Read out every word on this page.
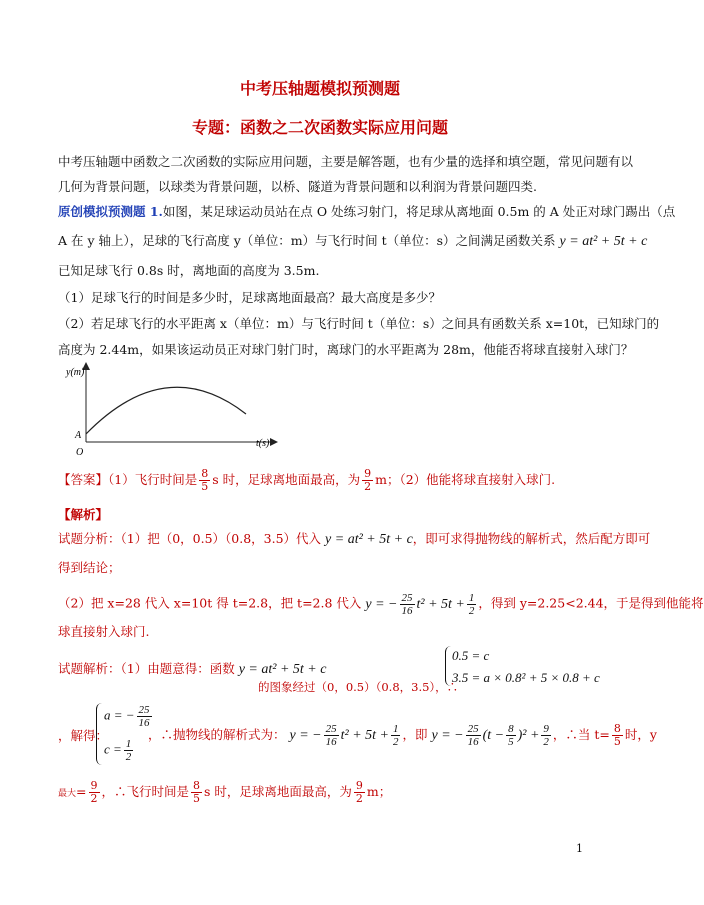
中考压轴题模拟预测题
专题：函数之二次函数实际应用问题
中考压轴题中函数之二次函数的实际应用问题，主要是解答题，也有少量的选择和填空题，常见问题有以
几何为背景问题，以球类为背景问题，以桥、隧道为背景问题和以利润为背景问题四类.
原创模拟预测题 1.如图，某足球运动员站在点 O 处练习射门，将足球从离地面 0.5m 的 A 处正对球门踢出（点
A 在 y 轴上），足球的飞行高度 y（单位：m）与飞行时间 t（单位：s）之间满足函数关系 y = at² + 5t + c
已知足球飞行 0.8s 时，离地面的高度为 3.5m.
（1）足球飞行的时间是多少时，足球离地面最高？最大高度是多少？
（2）若足球飞行的水平距离 x（单位：m）与飞行时间 t（单位：s）之间具有函数关系 x=10t，已知球门的
高度为 2.44m，如果该运动员正对球门射门时，离球门的水平距离为 28m，他能否将球直接射入球门？
y(m)
t(s)
A
O
【答案】（1）飞行时间是 $\frac{8}{5}$ s 时，足球离地面最高，为 $\frac{9}{2}$ m；（2）他能将球直接射入球门.
【解析】
试题分析：（1）把（0，0.5）（0.8，3.5）代入 y = at² + 5t + c，即可求得抛物线的解析式，然后配方即可
得到结论；
（2）把 x=28 代入 x=10t 得 t=2.8，把 t=2.8 代入 y = − $\frac{25}{16} t^2 + 5t + \frac{1}{2}$ ，得到 y=2.25<2.44，于是得到他能将
球直接射入球门.
试题解析：（1）由题意得：函数 y = at² + 5t + c
的图象经过（0，0.5）（0.8，3.5），∴
0.5 = c
3.5 = a × 0.8² + 5 × 0.8 + c
，解得：
a = − $\frac{25}{16}$
$c = \frac{1}{2}$
，∴抛物线的解析式为： y = − $\frac{25}{16} t^2 + 5t + \frac{1}{2}$ ，即 y = − $\frac{25}{16} (t - \frac{8}{5} )^2 + \frac{9}{2}$ ，∴当 $t= \frac{8}{5}$ 时，y
最大= $\frac{9}{2}$ ，∴飞行时间是 $\frac{8}{5}$ s 时，足球离地面最高，为 $\frac{9}{2}$ m；
1
